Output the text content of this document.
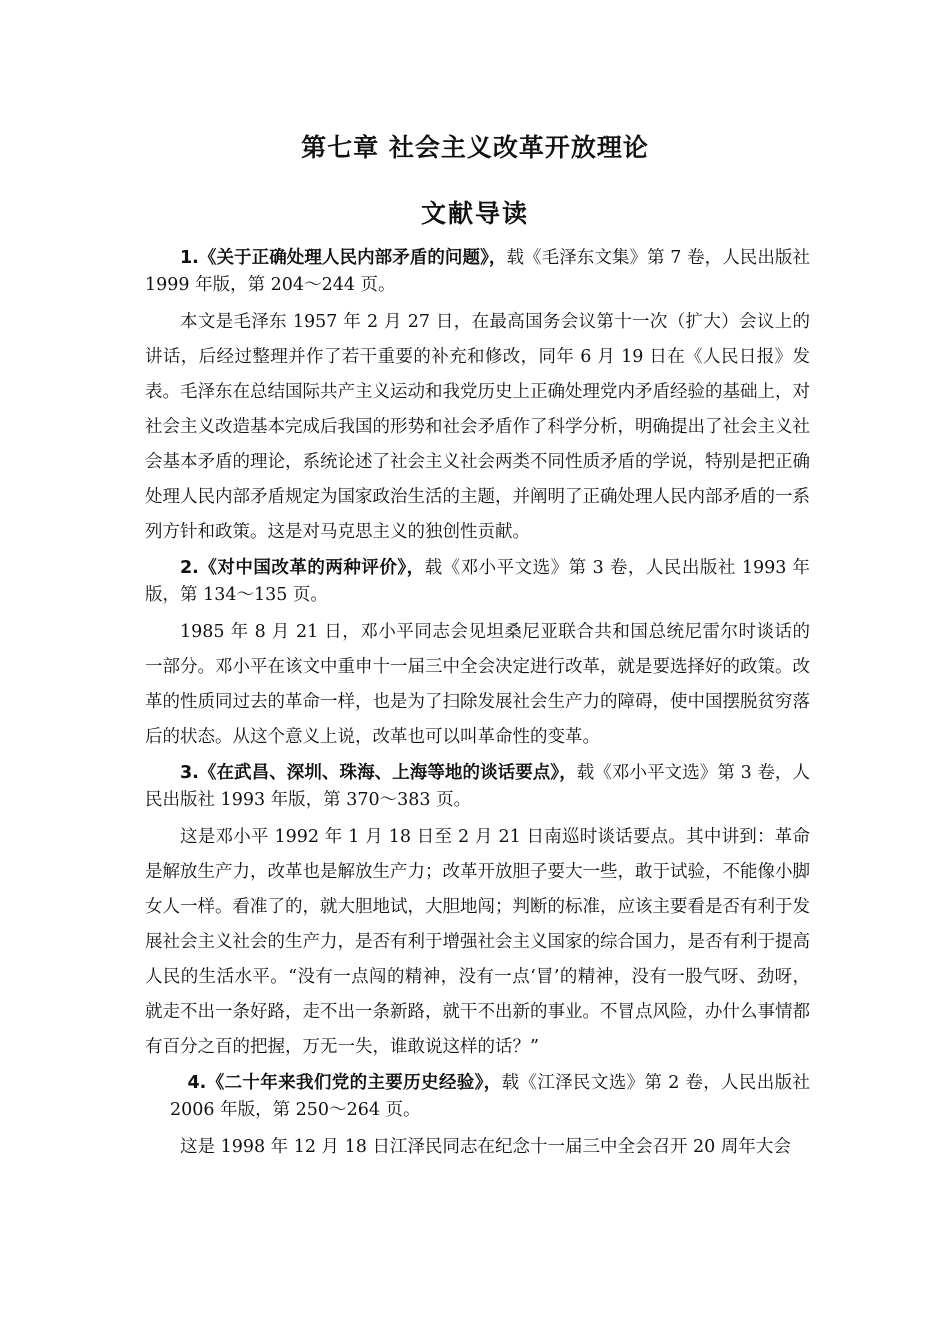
第七章 社会主义改革开放理论
文献导读

1.《关于正确处理人民内部矛盾的问题》，载《毛泽东文集》第 7 卷，人民出版社 1999 年版，第 204～244 页。

本文是毛泽东 1957 年 2 月 27 日，在最高国务会议第十一次（扩大）会议上的讲话，后经过整理并作了若干重要的补充和修改，同年 6 月 19 日在《人民日报》发表。毛泽东在总结国际共产主义运动和我党历史上正确处理党内矛盾经验的基础上，对社会主义改造基本完成后我国的形势和社会矛盾作了科学分析，明确提出了社会主义社会基本矛盾的理论，系统论述了社会主义社会两类不同性质矛盾的学说，特别是把正确处理人民内部矛盾规定为国家政治生活的主题，并阐明了正确处理人民内部矛盾的一系列方针和政策。这是对马克思主义的独创性贡献。

2.《对中国改革的两种评价》，载《邓小平文选》第 3 卷，人民出版社 1993 年版，第 134～135 页。

1985 年 8 月 21 日，邓小平同志会见坦桑尼亚联合共和国总统尼雷尔时谈话的一部分。邓小平在该文中重申十一届三中全会决定进行改革，就是要选择好的政策。改革的性质同过去的革命一样，也是为了扫除发展社会生产力的障碍，使中国摆脱贫穷落后的状态。从这个意义上说，改革也可以叫革命性的变革。

3.《在武昌、深圳、珠海、上海等地的谈话要点》，载《邓小平文选》第 3 卷，人民出版社 1993 年版，第 370～383 页。

这是邓小平 1992 年 1 月 18 日至 2 月 21 日南巡时谈话要点。其中讲到：革命是解放生产力，改革也是解放生产力；改革开放胆子要大一些，敢于试验，不能像小脚女人一样。看准了的，就大胆地试，大胆地闯；判断的标准，应该主要看是否有利于发展社会主义社会的生产力，是否有利于增强社会主义国家的综合国力，是否有利于提高人民的生活水平。“没有一点闯的精神，没有一点‘冒’的精神，没有一股气呀、劲呀，就走不出一条好路，走不出一条新路，就干不出新的事业。不冒点风险，办什么事情都有百分之百的把握，万无一失，谁敢说这样的话？”

4.《二十年来我们党的主要历史经验》，载《江泽民文选》第 2 卷，人民出版社 2006 年版，第 250～264 页。

这是 1998 年 12 月 18 日江泽民同志在纪念十一届三中全会召开 20 周年大会
